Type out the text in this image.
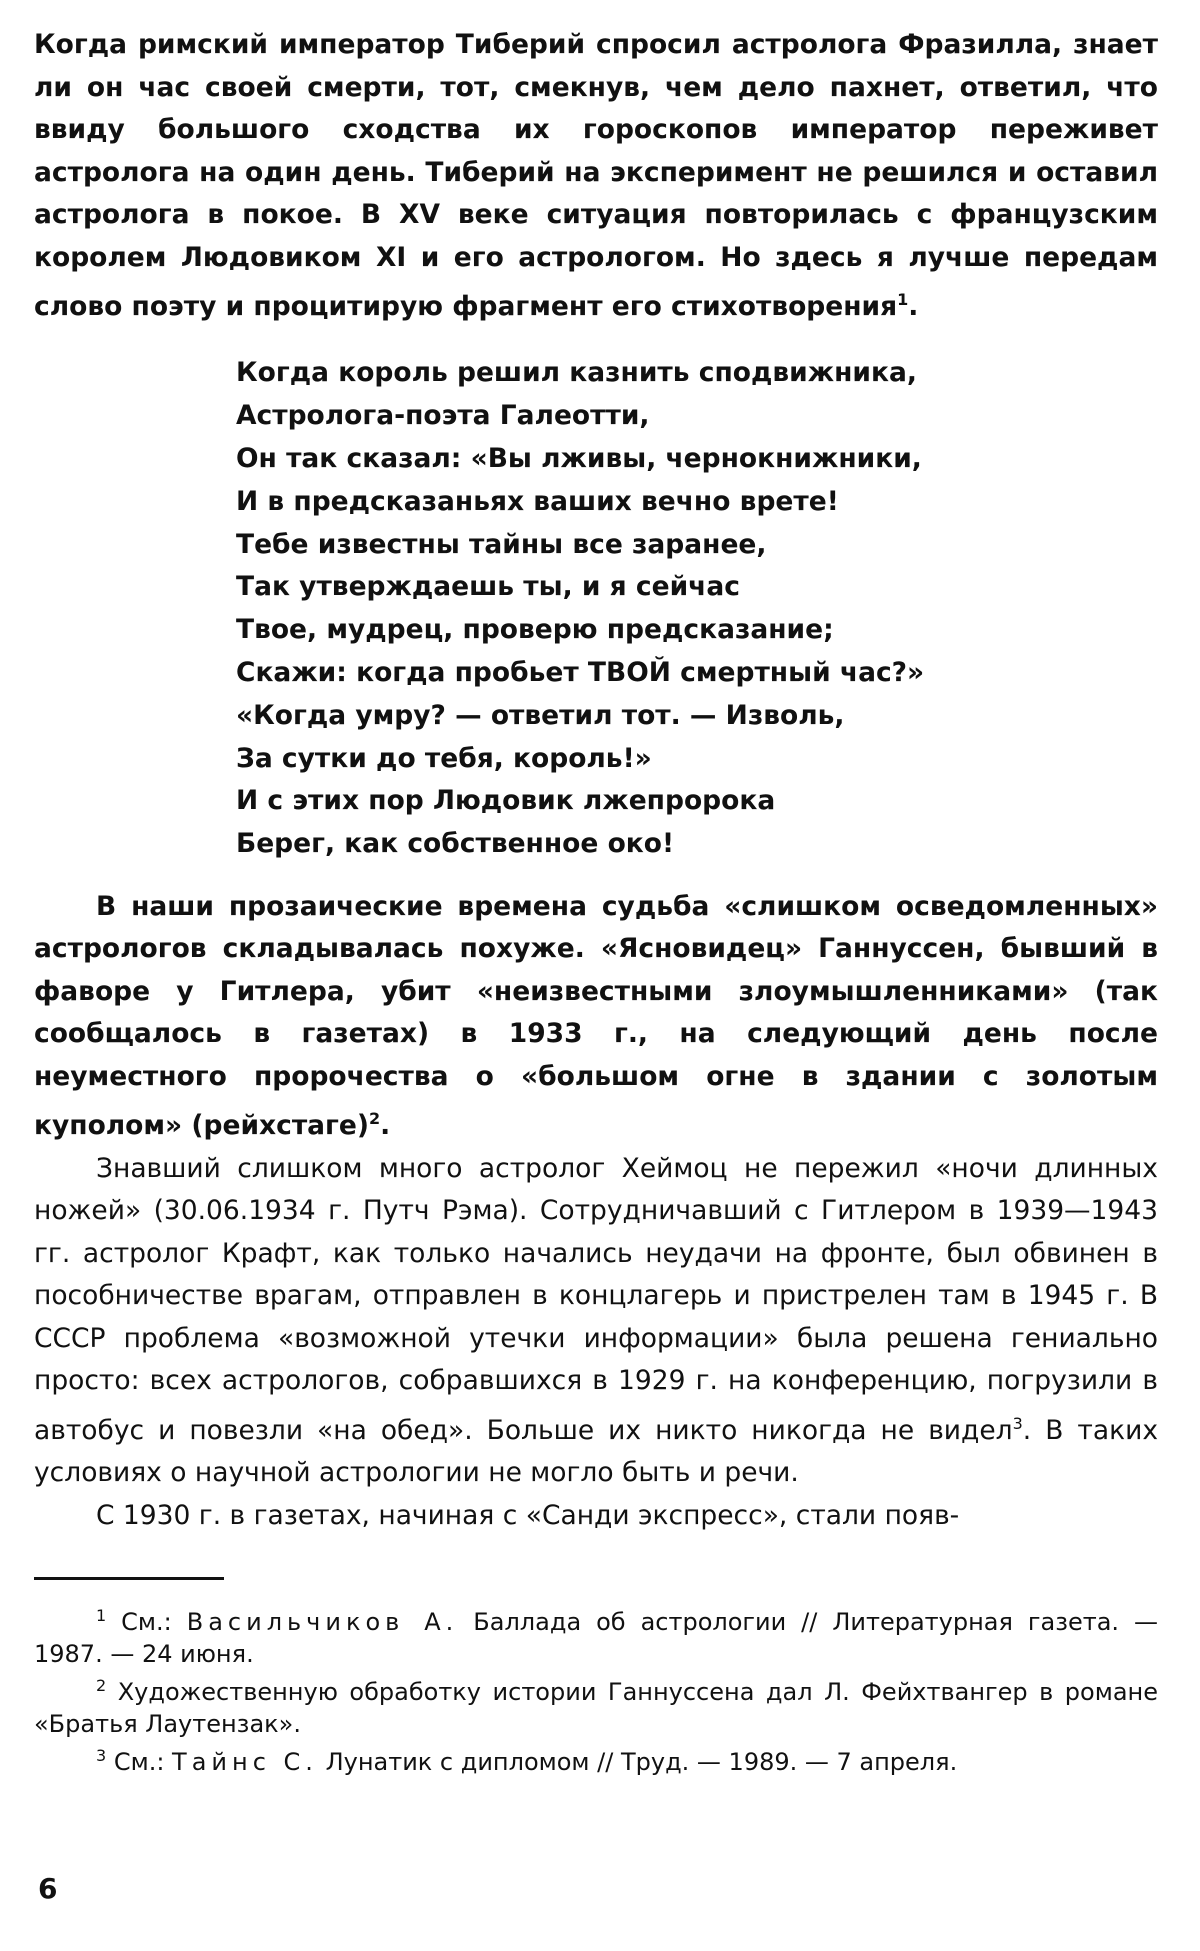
Когда римский император Тиберий спросил астролога Фразилла, знает ли он час своей смерти, тот, смекнув, чем дело пахнет, ответил, что ввиду большого сходства их гороскопов император переживет астролога на один день. Тиберий на эксперимент не решился и оставил астролога в покое. В XV веке ситуация повторилась с французским королем Людовиком XI и его астрологом. Но здесь я лучше передам слово поэту и процитирую фрагмент его стихотворения$^1$.

Когда король решил казнить сподвижника,
Астролога-поэта Галеотти,
Он так сказал: «Вы лживы, чернокнижники,
И в предсказаньях ваших вечно врете!
Тебе известны тайны все заранее,
Так утверждаешь ты, и я сейчас
Твое, мудрец, проверю предсказание;
Скажи: когда пробьет ТВОЙ смертный час?»
«Когда умру? — ответил тот. — Изволь,
За сутки до тебя, король!»
И с этих пор Людовик лжепророка
Берег, как собственное око!

В наши прозаические времена судьба «слишком осведомленных» астрологов складывалась похуже. «Ясновидец» Ганнуссен, бывший в фаворе у Гитлера, убит «неизвестными злоумышленниками» (так сообщалось в газетах) в 1933 г., на следующий день после неуместного пророчества о «большом огне в здании с золотым куполом» (рейхстаге)$^2$.

Знавший слишком много астролог Хеймоц не пережил «ночи длинных ножей» (30.06.1934 г. Путч Рэма). Сотрудничавший с Гитлером в 1939—1943 гг. астролог Крафт, как только начались неудачи на фронте, был обвинен в пособничестве врагам, отправлен в концлагерь и пристрелен там в 1945 г. В СССР проблема «возможной утечки информации» была решена гениально просто: всех астрологов, собравшихся в 1929 г. на конференцию, погрузили в автобус и повезли «на обед». Больше их никто никогда не видел$^3$. В таких условиях о научной астрологии не могло быть и речи.

С 1930 г. в газетах, начиная с «Санди экспресс», стали появ-

$^1$ См.: Васильчиков А. Баллада об астрологии // Литературная газета. — 1987. — 24 июня.

$^2$ Художественную обработку истории Ганнуссена дал Л. Фейхтвангер в романе «Братья Лаутензак».

$^3$ См.: Тайнс С. Лунатик с дипломом // Труд. — 1989. — 7 апреля.

6
